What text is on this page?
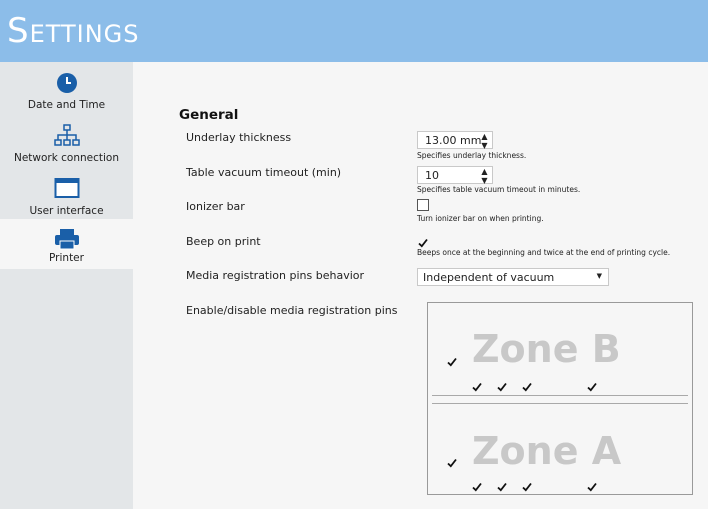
Settings
Date and Time
Network connection
User interface
Printer
General
Underlay thickness	13.00 mm ▲
▼
Specifies underlay thickness.
Table vacuum timeout (min)	10	▲
▼
Specifies table vacuum timeout in minutes.
Ionizer bar
Turn ionizer bar on when printing.
Beep on print
Beeps once at the beginning and twice at the end of printing cycle.
Media registration pins behavior	Independent of vacuum	▼
Enable/disable media registration pins
Zone B
Zone A
